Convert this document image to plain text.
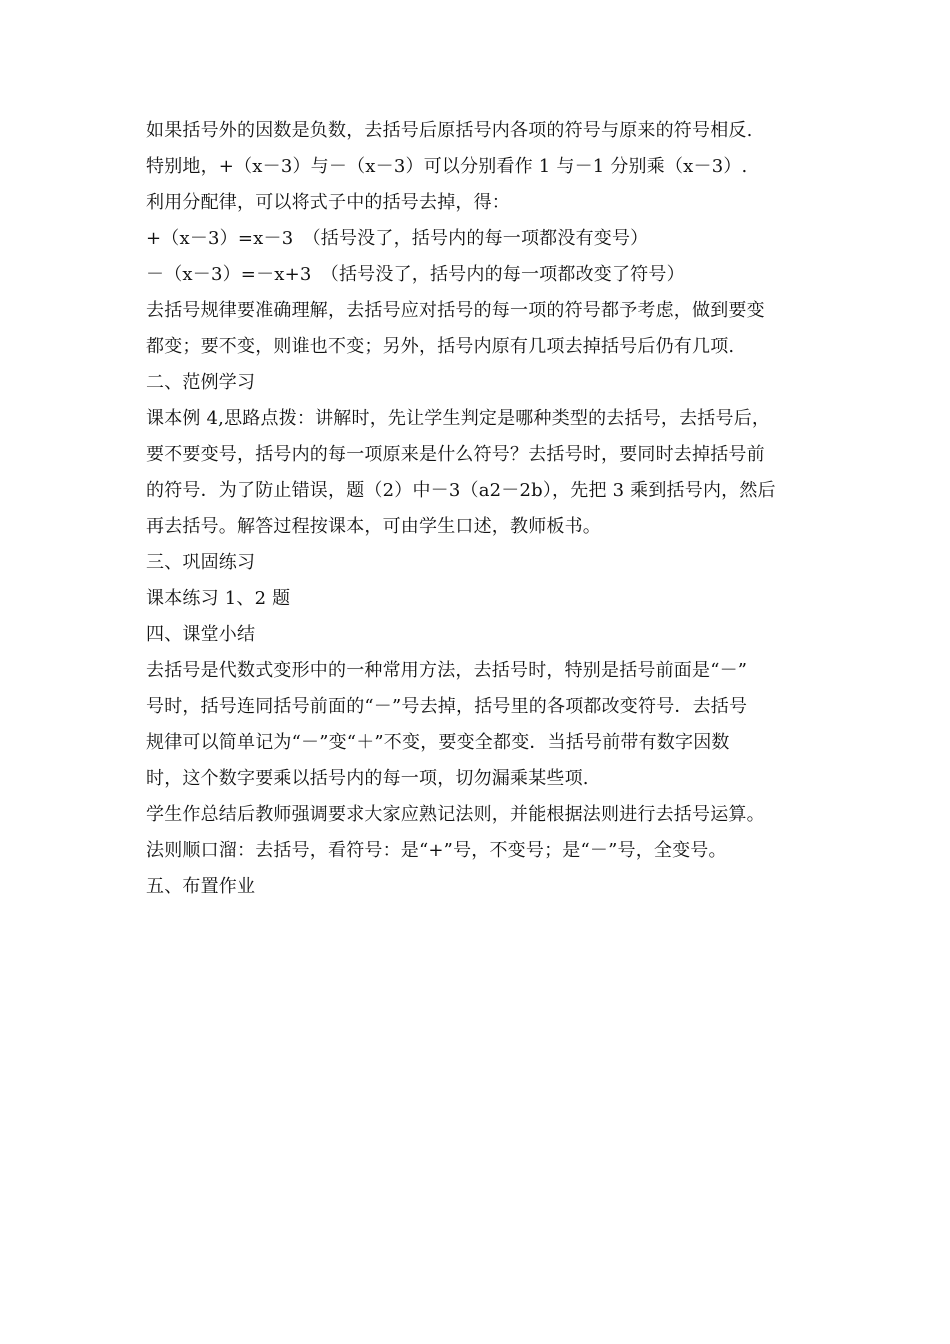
如果括号外的因数是负数，去括号后原括号内各项的符号与原来的符号相反.
特别地，+（x－3）与－（x－3）可以分别看作 1 与－1 分别乘（x－3）.
利用分配律，可以将式子中的括号去掉，得：
+（x－3）=x－3　（括号没了，括号内的每一项都没有变号）
－（x－3）=－x+3　（括号没了，括号内的每一项都改变了符号）
去括号规律要准确理解，去括号应对括号的每一项的符号都予考虑，做到要变
都变；要不变，则谁也不变；另外，括号内原有几项去掉括号后仍有几项.
二、范例学习
课本例 4,思路点拨：讲解时，先让学生判定是哪种类型的去括号，去括号后，
要不要变号，括号内的每一项原来是什么符号？去括号时，要同时去掉括号前
的符号．为了防止错误，题（2）中－3（a2－2b），先把 3 乘到括号内，然后
再去括号。解答过程按课本，可由学生口述，教师板书。
三、巩固练习
课本练习 1、2 题
四、课堂小结
去括号是代数式变形中的一种常用方法，去括号时，特别是括号前面是“－”
号时，括号连同括号前面的“－”号去掉，括号里的各项都改变符号．去括号
规律可以简单记为“－”变“＋”不变，要变全都变．当括号前带有数字因数
时，这个数字要乘以括号内的每一项，切勿漏乘某些项.
学生作总结后教师强调要求大家应熟记法则，并能根据法则进行去括号运算。
法则顺口溜：去括号，看符号：是“+”号，不变号；是“－”号，全变号。
五、布置作业
